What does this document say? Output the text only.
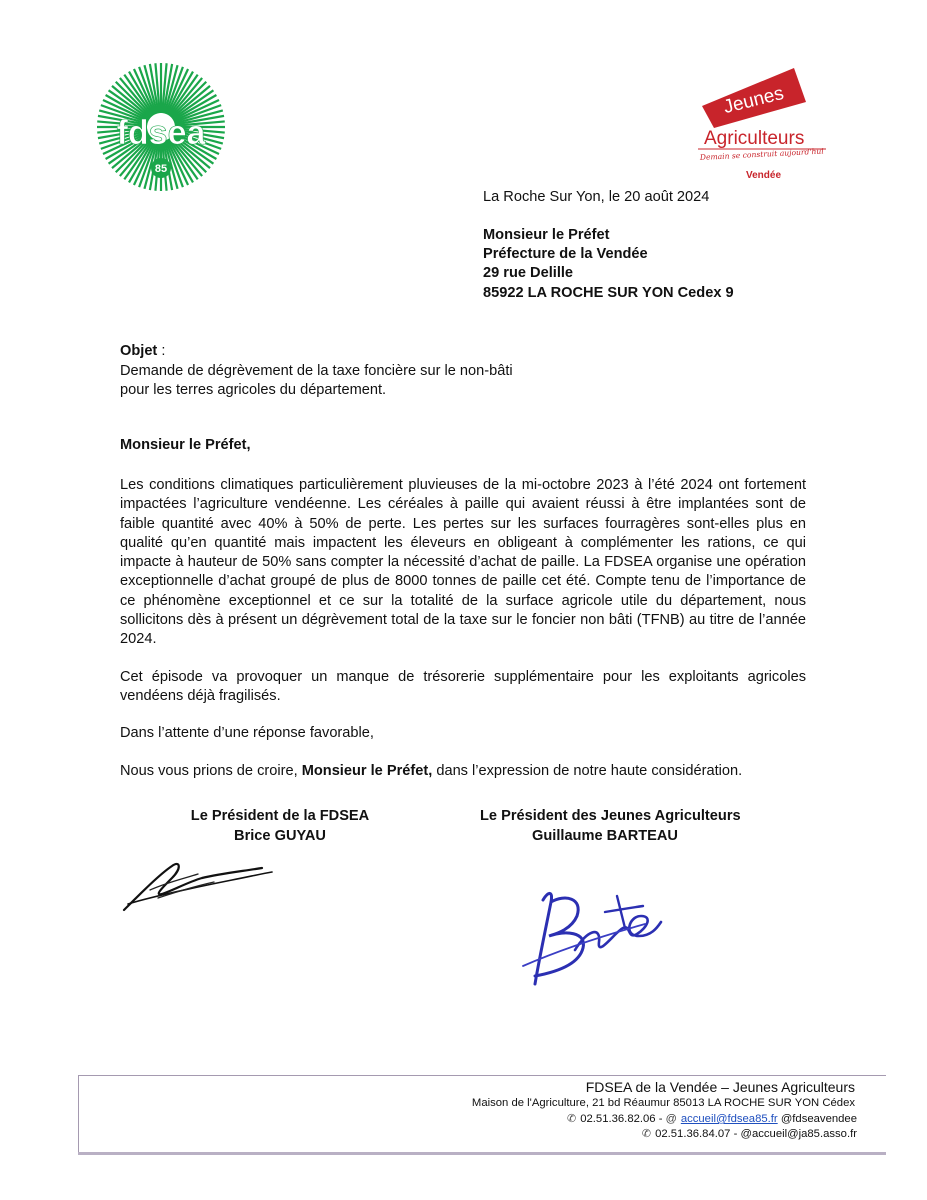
fdsea
85
Jeunes
Agriculteurs
Demain se construit aujourd'hui
Vendée
La Roche Sur Yon, le 20 août 2024
Monsieur le Préfet
Préfecture de la Vendée
29 rue Delille
85922 LA ROCHE SUR YON Cedex 9
Objet :
Demande de dégrèvement de la taxe foncière sur le non-bâti
pour les terres agricoles du département.
Monsieur le Préfet,

Les conditions climatiques particulièrement pluvieuses de la mi-octobre 2023 à l’été 2024 ont fortement impactées l’agriculture vendéenne. Les céréales à paille qui avaient réussi à être implantées sont de faible quantité avec 40% à 50% de perte. Les pertes sur les surfaces fourragères sont-elles plus en qualité qu’en quantité mais impactent les éleveurs en obligeant à complémenter les rations, ce qui impacte à hauteur de 50% sans compter la nécessité d’achat de paille. La FDSEA organise une opération exceptionnelle d’achat groupé de plus de 8000 tonnes de paille cet été. Compte tenu de l’importance de ce phénomène exceptionnel et ce sur la totalité de la surface agricole utile du département, nous sollicitons dès à présent un dégrèvement total de la taxe sur le foncier non bâti (TFNB) au titre de l’année 2024.

Cet épisode va provoquer un manque de trésorerie supplémentaire pour les exploitants agricoles vendéens déjà fragilisés.

Dans l’attente d’une réponse favorable,

Nous vous prions de croire, Monsieur le Préfet, dans l’expression de notre haute considération.

Le Président de la FDSEA
Brice GUYAU
Le Président des Jeunes Agriculteurs
Guillaume BARTEAU
FDSEA de la Vendée – Jeunes Agriculteurs
Maison de l'Agriculture, 21 bd Réaumur 85013 LA ROCHE SUR YON Cédex
✆ 02.51.36.82.06 - @ accueil@fdsea85.fr @fdseavendee
✆ 02.51.36.84.07 - @accueil@ja85.asso.fr
